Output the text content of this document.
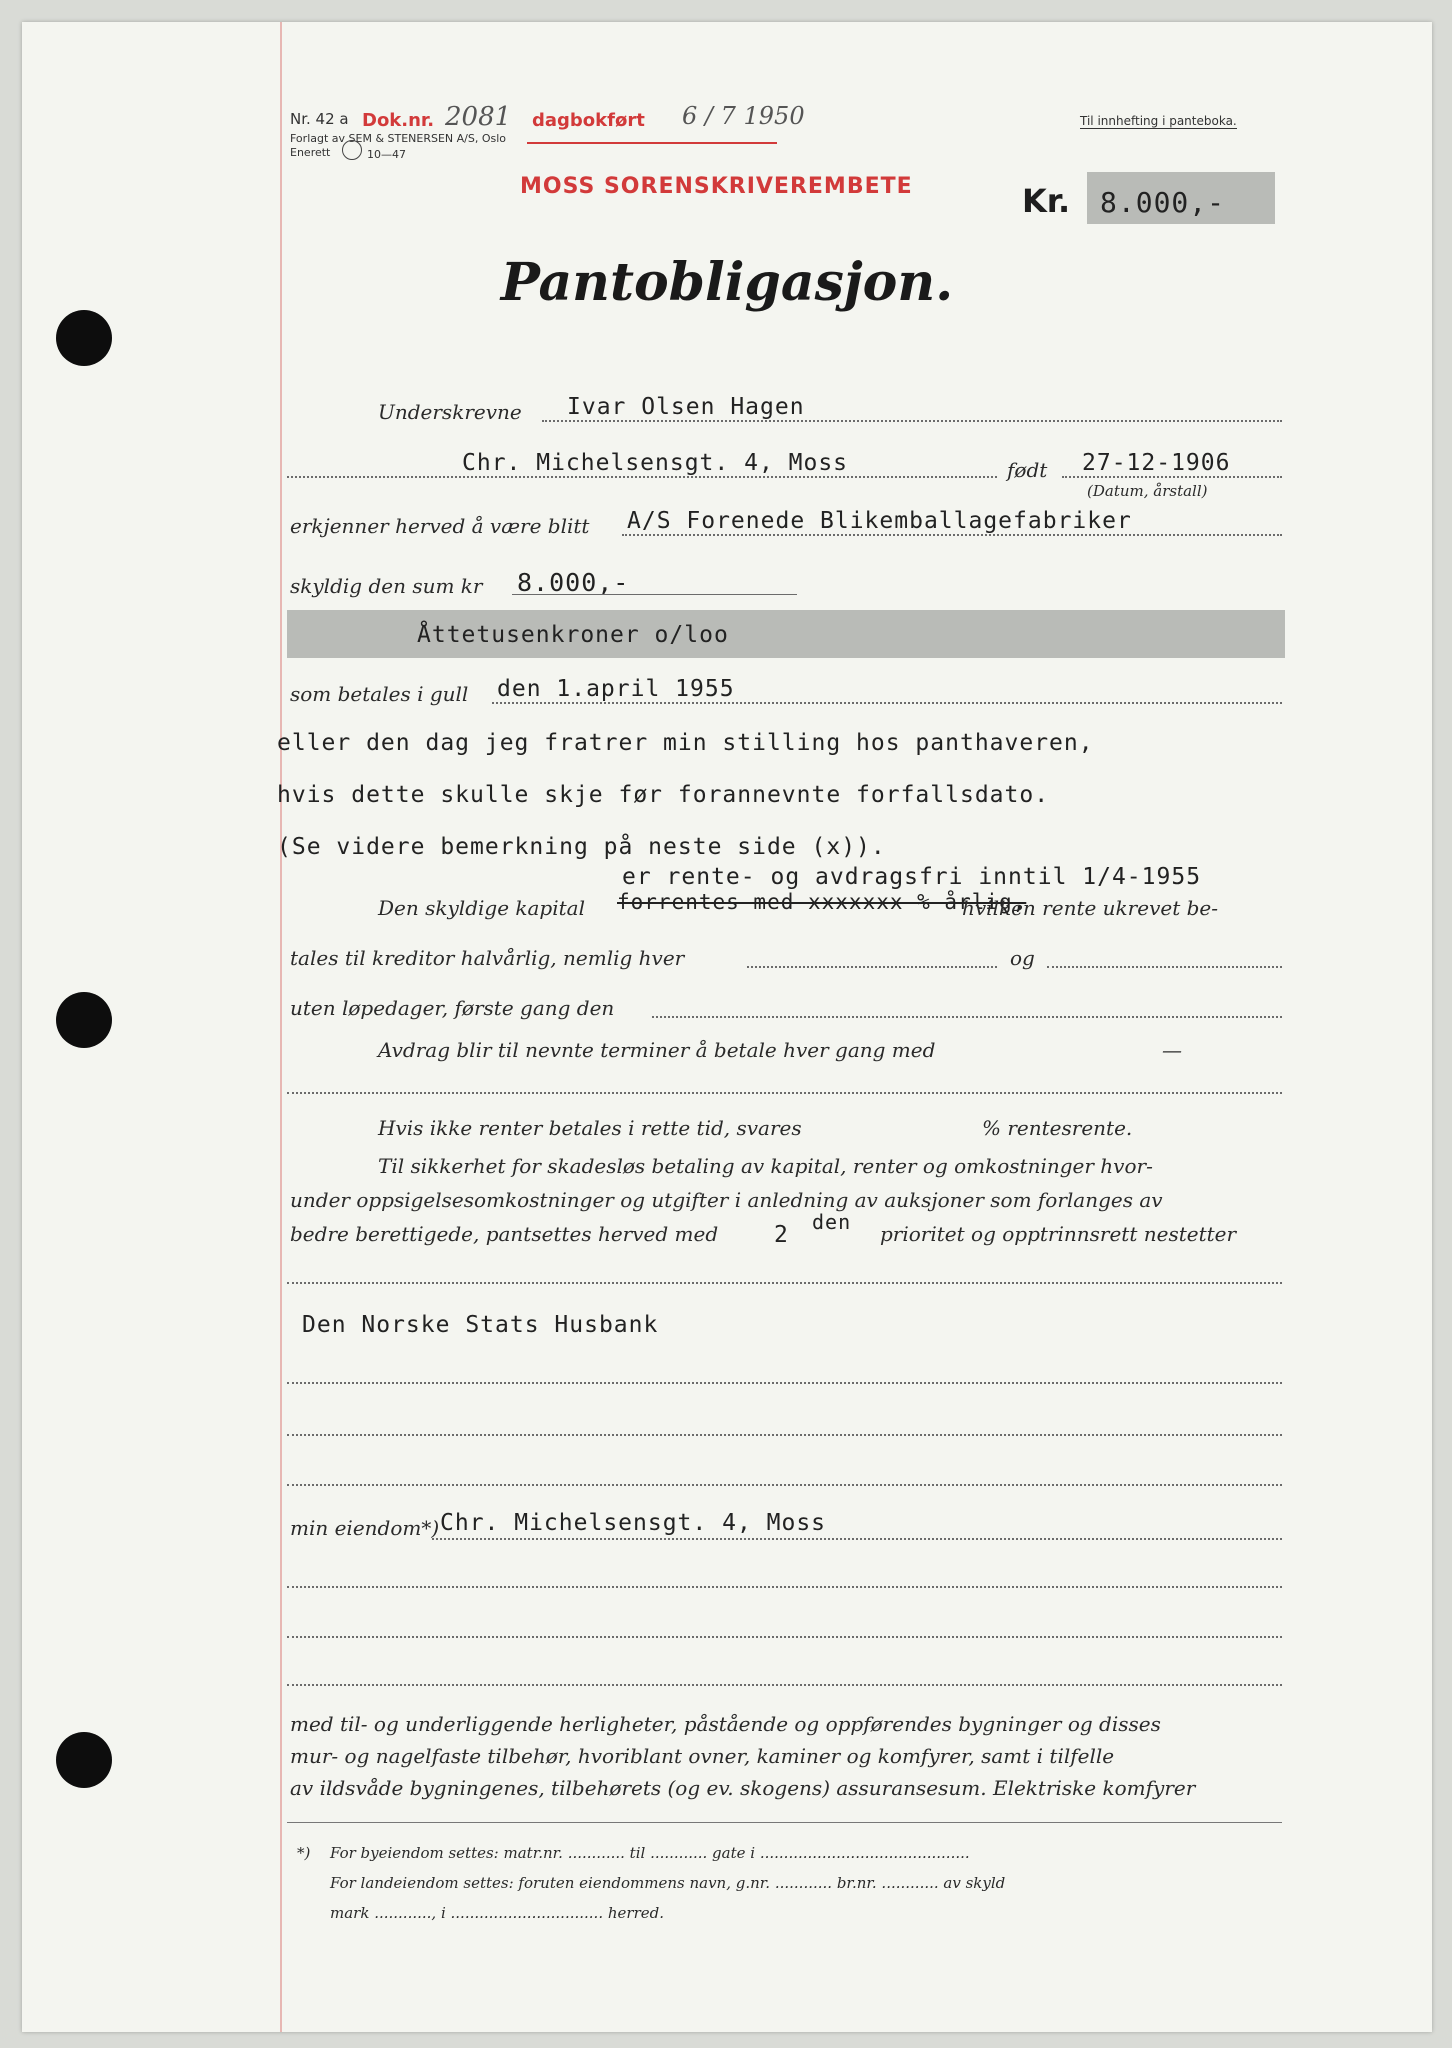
Nr. 42 a
Forlagt av SEM & STENERSEN A/S, Oslo
Enerett	10—47
Dok.nr. 2081 dagbokført 6 / 7 1950
MOSS SORENSKRIVEREMBETE
Til innhefting i panteboka.
Kr. 8.000,-
Pantobligasjon.
Underskrevne Ivar Olsen Hagen
Chr. Michelsensgt. 4, Moss	født 27-12-1906
(Datum, årstall)
erkjenner herved å være blitt A/S Forenede Blikemballagefabriker
skyldig den sum kr 8.000,-
Åttetusenkroner o/loo
som betales i gull den 1.april 1955
eller den dag jeg fratrer min stilling hos panthaveren,
hvis dette skulle skje før forannevnte forfallsdato.
(Se videre bemerkning på neste side (x)).
er rente- og avdragsfri inntil 1/4-1955
Den skyldige kapital forrentes med xxxxxxx % årlig,
hvilken rente ukrevet be-
tales til kreditor halvårlig, nemlig hver	og
uten løpedager, første gang den
Avdrag blir til nevnte terminer å betale hver gang med	—
Hvis ikke renter betales i rette tid, svares	% rentesrente.
Til sikkerhet for skadesløs betaling av kapital, renter og omkostninger hvor-
under oppsigelsesomkostninger og utgifter i anledning av auksjoner som forlanges av
bedre berettigede, pantsettes herved med 2 den prioritet og opptrinnsrett nestetter
Den Norske Stats Husbank
min eiendom*) Chr. Michelsensgt. 4, Moss
med til- og underliggende herligheter, påstående og oppførendes bygninger og disses
mur- og nagelfaste tilbehør, hvoriblant ovner, kaminer og komfyrer, samt i tilfelle
av ildsvåde bygningenes, tilbehørets (og ev. skogens) assuransesum. Elektriske komfyrer
*) For byeiendom settes: matr.nr. ............ til ............ gate i ............................................
For landeiendom settes: foruten eiendommens navn, g.nr. ............ br.nr. ............ av skyld
mark ............, i ................................ herred.
